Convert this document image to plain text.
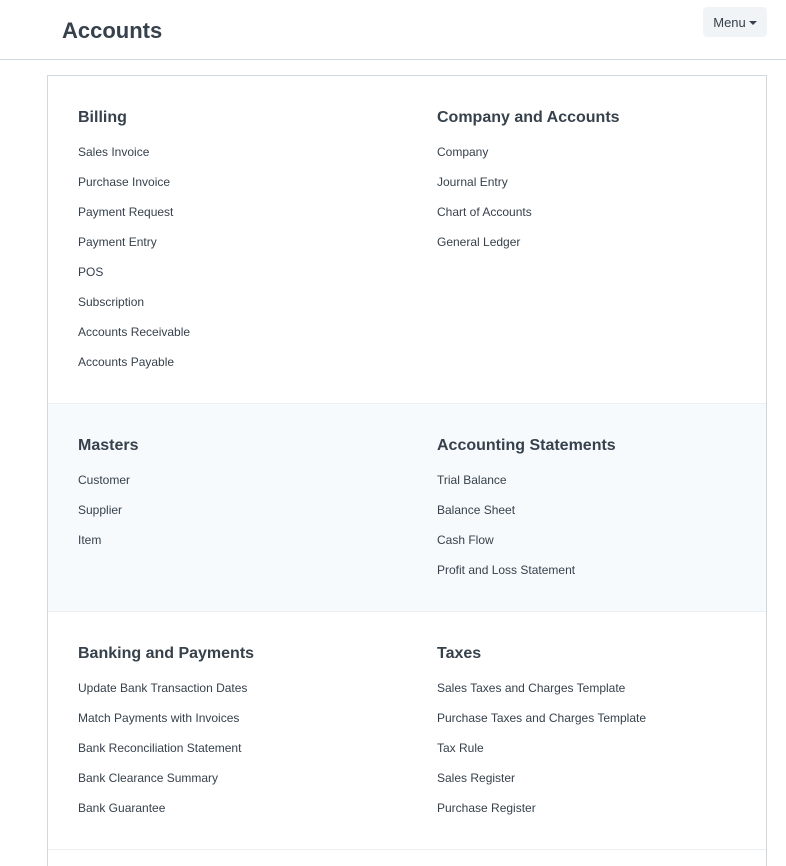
Accounts	Menu
Billing
Sales Invoice
Purchase Invoice
Payment Request
Payment Entry
POS
Subscription
Accounts Receivable
Accounts Payable
Company and Accounts
Company
Journal Entry
Chart of Accounts
General Ledger
Masters
Customer
Supplier
Item
Accounting Statements
Trial Balance
Balance Sheet
Cash Flow
Profit and Loss Statement
Banking and Payments
Update Bank Transaction Dates
Match Payments with Invoices
Bank Reconciliation Statement
Bank Clearance Summary
Bank Guarantee
Taxes
Sales Taxes and Charges Template
Purchase Taxes and Charges Template
Tax Rule
Sales Register
Purchase Register
